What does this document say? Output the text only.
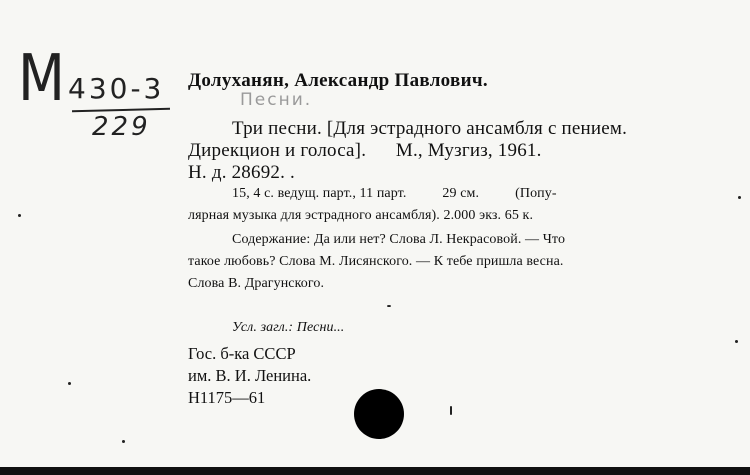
М 430-3
229
Долуханян, Александр Павлович.
Песни.
Три песни. [Для эстрадного ансамбля с пением.
Дирекцион и голоса].      М., Музгиз, 1961.
Н. д. 28692. .
15, 4 с. ведущ. парт., 11 парт.          29 см.          (Попу-
лярная музыка для эстрадного ансамбля). 2.000 экз. 65 к.
Содержание: Да или нет? Слова Л. Некрасовой. — Что
такое любовь? Слова М. Лисянского. — К тебе пришла весна.
Слова В. Драгунского.
Усл. загл.: Песни...
Гос. б-ка СССР
им. В. И. Ленина.
Н1175—61
